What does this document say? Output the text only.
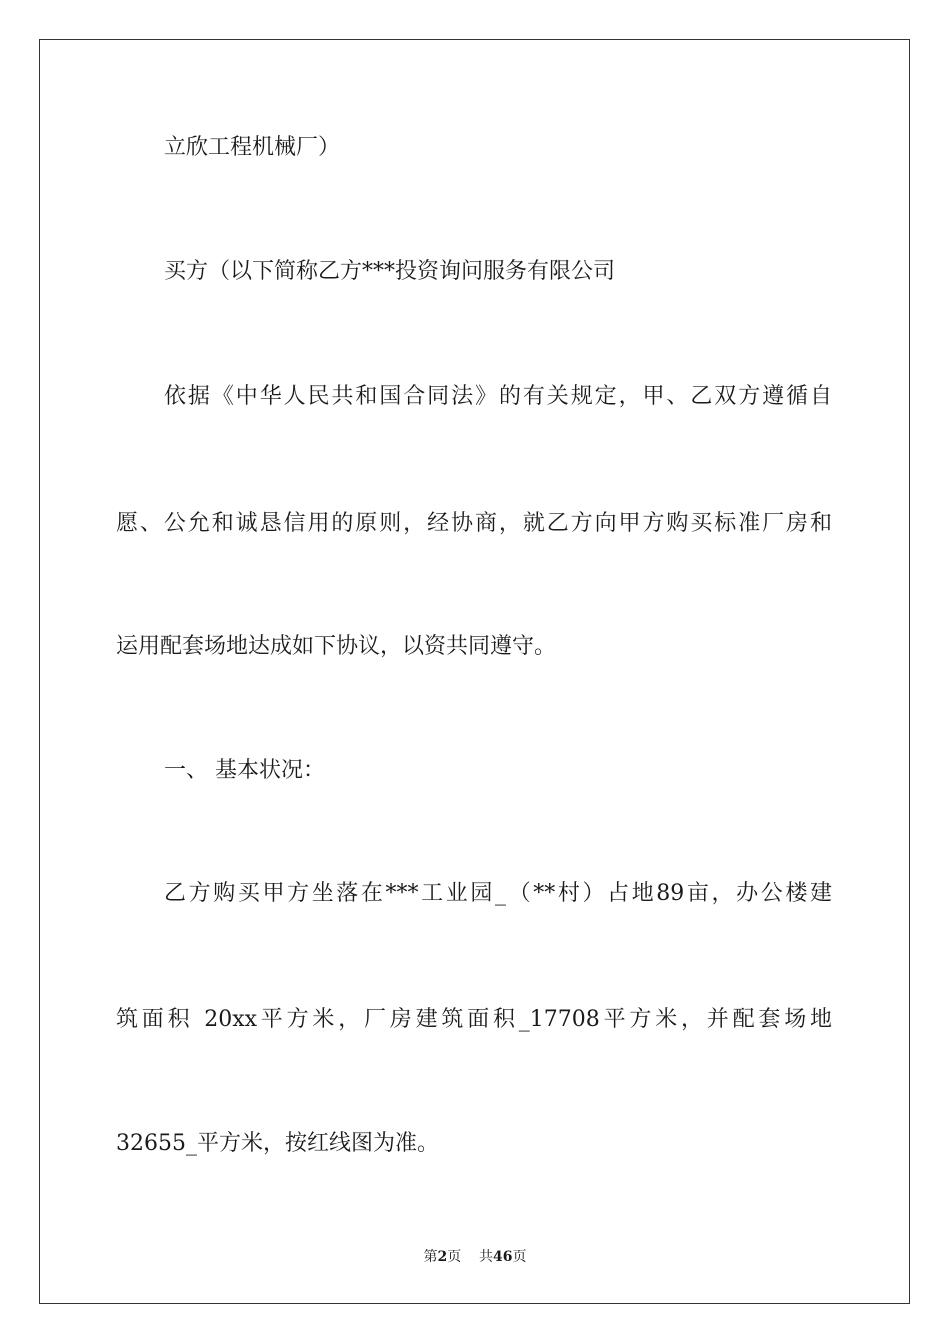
立欣工程机械厂）
买方（以下简称乙方***投资询问服务有限公司
依据《中华人民共和国合同法》的有关规定，甲、乙双方遵循自
愿、公允和诚恳信用的原则，经协商，就乙方向甲方购买标准厂房和
运用配套场地达成如下协议，以资共同遵守。
一、 基本状况：
乙方购买甲方坐落在***工业园_（**村）占地89亩，办公楼建
筑面积 20xx平方米，厂房建筑面积_17708平方米，并配套场地
32655_平方米，按红线图为准。
第2页 共46页
